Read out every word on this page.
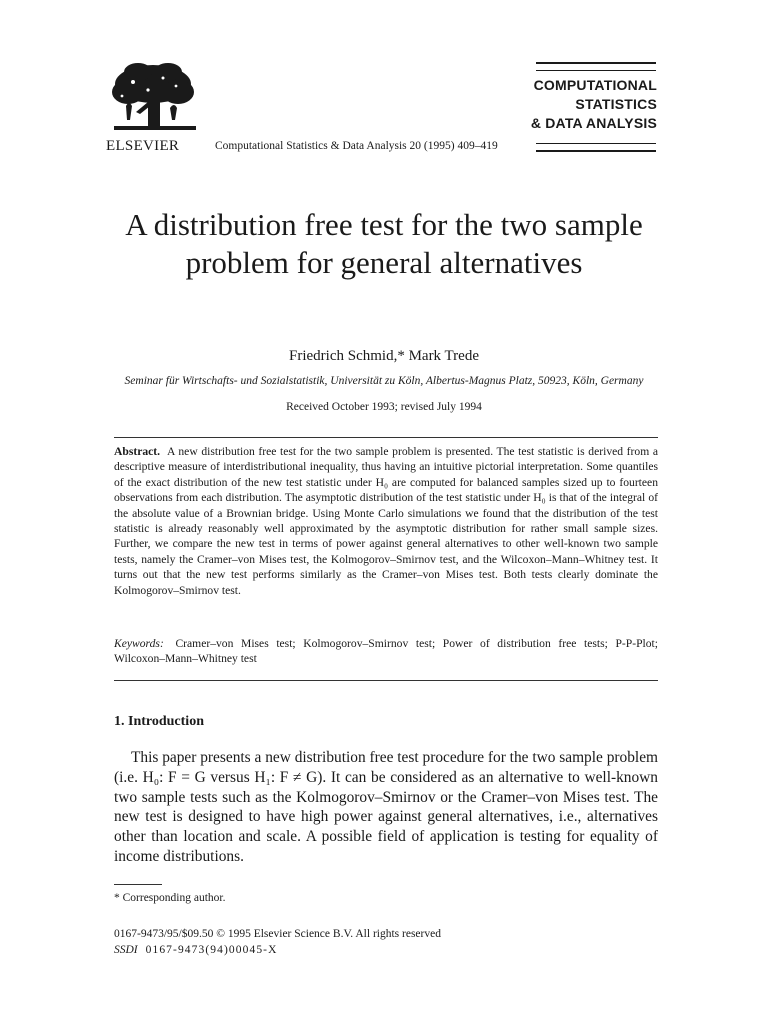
ELSEVIER	Computational Statistics & Data Analysis 20 (1995) 409–419
COMPUTATIONAL
STATISTICS
& DATA ANALYSIS
A distribution free test for the two sample problem for general alternatives
Friedrich Schmid,* Mark Trede
Seminar für Wirtschafts- und Sozialstatistik, Universität zu Köln, Albertus-Magnus Platz, 50923, Köln, Germany
Received October 1993; revised July 1994
Abstract. A new distribution free test for the two sample problem is presented. The test statistic is derived from a descriptive measure of interdistributional inequality, thus having an intuitive pictorial interpretation. Some quantiles of the exact distribution of the new test statistic under H₀ are computed for balanced samples sized up to fourteen observations from each distribution. The asymptotic distribution of the test statistic under H₀ is that of the integral of the absolute value of a Brownian bridge. Using Monte Carlo simulations we found that the distribution of the test statistic is already reasonably well approximated by the asymptotic distribution for rather small sample sizes. Further, we compare the new test in terms of power against general alternatives to other well-known two sample tests, namely the Cramer–von Mises test, the Kolmogorov–Smirnov test, and the Wilcoxon–Mann–Whitney test. It turns out that the new test performs similarly as the Cramer–von Mises test. Both tests clearly dominate the Kolmogorov–Smirnov test.
Keywords: Cramer–von Mises test; Kolmogorov–Smirnov test; Power of distribution free tests; P-P-Plot; Wilcoxon–Mann–Whitney test
1. Introduction
This paper presents a new distribution free test procedure for the two sample problem (i.e. H₀: F = G versus H₁: F ≠ G). It can be considered as an alternative to well-known two sample tests such as the Kolmogorov–Smirnov or the Cramer–von Mises test. The new test is designed to have high power against general alternatives, i.e., alternatives other than location and scale. A possible field of application is testing for equality of income distributions.
* Corresponding author.
0167-9473/95/$09.50 © 1995 Elsevier Science B.V. All rights reserved
SSDI 0167-9473(94)00045-X
